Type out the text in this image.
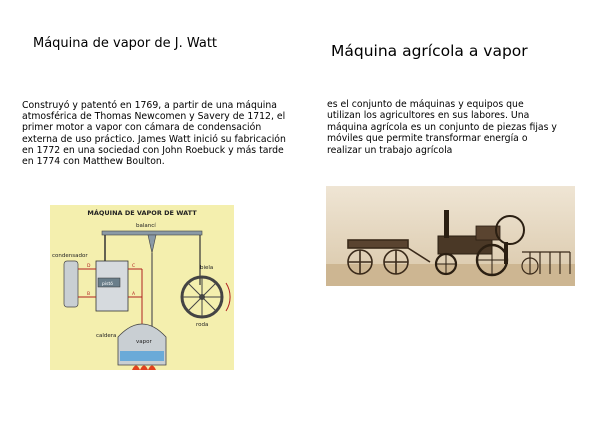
Máquina de vapor de J. Watt	Máquina agrícola a vapor

Construyó y patentó en 1769, a partir de una máquina atmosférica de Thomas Newcomen y Savery de 1712, el primer motor a vapor con cámara de condensación externa de uso práctico. James Watt inició su fabricación en 1772 en una sociedad con John Roebuck y más tarde en 1774 con Matthew Boulton.

es el conjunto de máquinas y equipos que utilizan los agricultores en sus labores. Una máquina agrícola es un conjunto de piezas fijas y móviles que permite transformar energía o realizar un trabajo agrícola

MÁQUINA DE VAPOR DE WATT
balancí
condensador
pistó
D
B
C
A
biela
roda
vapor
caldera
